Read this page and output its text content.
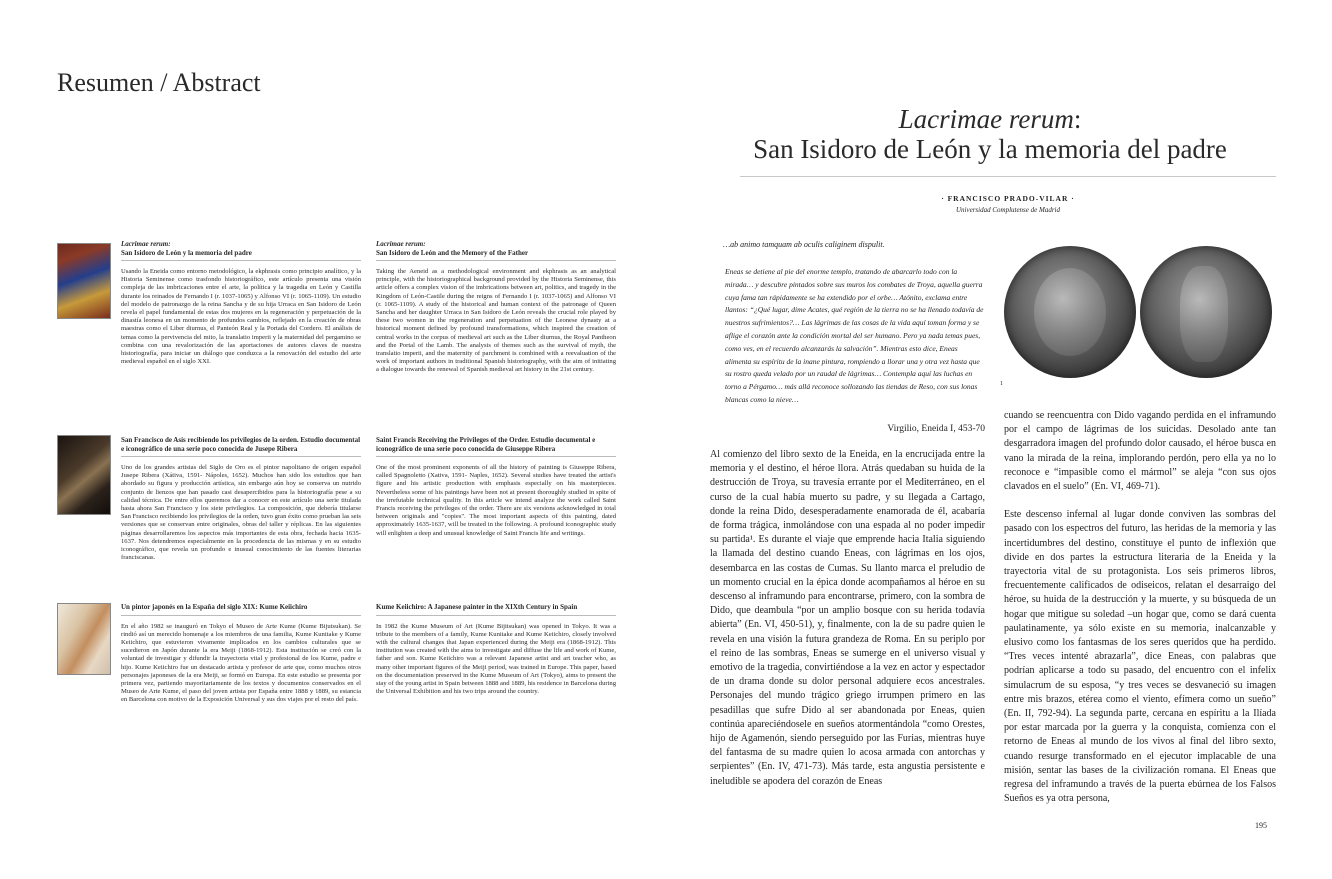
Resumen / Abstract
Lacrimae rerum:
San Isidoro de León y la memoria del padre
Usando la Eneida como entorno metodológico, la ekphrasis como principio analítico, y la Historia Seminense como trasfondo historiográfico, este artículo presenta una visión compleja de las imbricaciones entre el arte, la política y la tragedia en León y Castilla durante los reinados de Fernando I (r. 1037-1065) y Alfonso VI (r. 1065-1109). Un estudio del modelo de patronazgo de la reina Sancha y de su hija Urraca en San Isidoro de León revela el papel fundamental de estas dos mujeres en la regeneración y perpetuación de la dinastía leonesa en un momento de profundos cambios, reflejado en la creación de obras maestras como el Liber diurnus, el Panteón Real y la Portada del Cordero. El análisis de temas como la pervivencia del mito, la translatio imperii y la maternidad del pergamino se combina con una revalorización de las aportaciones de autores claves de nuestra historiografía, para iniciar un diálogo que conduzca a la renovación del estudio del arte medieval español en el siglo XXI.
Lacrimae rerum:
San Isidoro de León and the Memory of the Father
Taking the Aeneid as a methodological environment and ekphrasis as an analytical principle, with the historiographical background provided by the Historia Seminense, this article offers a complex vision of the imbrications between art, politics, and tragedy in the Kingdom of León-Castile during the reigns of Fernando I (r. 1037-1065) and Alfonso VI (r. 1065-1109). A study of the historical and human context of the patronage of Queen Sancha and her daughter Urraca in San Isidoro de León reveals the crucial role played by these two women in the regeneration and perpetuation of the Leonese dynasty at a historical moment defined by profound transformations, which inspired the creation of central works in the corpus of medieval art such as the Liber diurnus, the Royal Pantheon and the Portal of the Lamb. The analysis of themes such as the survival of myth, the translatio imperii, and the maternity of parchment is combined with a reevaluation of the work of important authors in traditional Spanish historiography, with the aim of initiating a dialogue towards the renewal of Spanish medieval art history in the 21st century.
San Francisco de Asís recibiendo los privilegios de la orden. Estudio documental e iconográfico de una serie poco conocida de Jusepe Ribera
Uno de los grandes artistas del Siglo de Oro es el pintor napolitano de origen español Jusepe Ribera (Xátiva, 1591- Nápoles, 1652). Muchos han sido los estudios que han abordado su figura y producción artística, sin embargo aún hoy se conserva un nutrido conjunto de lienzos que han pasado casi desapercibidos para la historiografía pese a su calidad técnica. De entre ellos queremos dar a conocer en este artículo una serie titulada hasta ahora San Francisco y los siete privilegios. La composición, que debería titularse San Francisco recibiendo los privilegios de la orden, tuvo gran éxito como prueban las seis versiones que se conservan entre originales, obras del taller y réplicas. En las siguientes páginas desarrollaremos los aspectos más importantes de esta obra, fechada hacia 1635-1637. Nos detendremos especialmente en la procedencia de las mismas y en su estudio iconográfico, que revela un profundo e inusual conocimiento de las fuentes literarias franciscanas.
Saint Francis Receiving the Privileges of the Order. Estudio documental e iconográfico de una serie poco conocida de Giuseppe Ribera
One of the most prominent exponents of all the history of painting is Giuseppe Ribera, called Spagnoletto (Xativa, 1591- Naples, 1652). Several studies have treated the artist's figure and his artistic production with emphasis especially on his masterpieces. Nevertheless some of his paintings have been not at present thoroughly studied in spite of the irrefutable technical quality. In this article we intend analyze the work called Saint Francis receiving the privileges of the order. There are six versions acknowledged in total between originals and "copies". The most important aspects of this painting, dated approximately 1635-1637, will be treated in the following. A profound iconographic study will enlighten a deep and unusual knowledge of Saint Francis life and writings.
Un pintor japonés en la España del siglo XIX: Kume Keiichiro
En el año 1982 se inauguró en Tokyo el Museo de Arte Kume (Kume Bijutsukan). Se rindió así un merecido homenaje a los miembros de una familia, Kume Kunitake y Kume Keiichiro, que estuvieron vivamente implicados en los cambios culturales que se sucedieron en Japón durante la era Meiji (1868-1912). Esta institución se creó con la voluntad de investigar y difundir la trayectoria vital y profesional de los Kume, padre e hijo. Kume Keiichiro fue un destacado artista y profesor de arte que, como muchos otros personajes japoneses de la era Meiji, se formó en Europa. En este estudio se presenta por primera vez, partiendo mayoritariamente de los textos y documentos conservados en el Museo de Arte Kume, el paso del joven artista por España entre 1888 y 1889, su estancia en Barcelona con motivo de la Exposición Universal y sus dos viajes por el resto del país.
Kume Keiichiro: A Japanese painter in the XIXth Century in Spain
In 1982 the Kume Museum of Art (Kume Bijitsukan) was opened in Tokyo. It was a tribute to the members of a family, Kume Kunitake and Kume Keiichiro, closely involved with the cultural changes that Japan experienced during the Meiji era (1868-1912). This institution was created with the aims to investigate and diffuse the life and work of Kume, father and son. Kume Keiichiro was a relevant Japanese artist and art teacher who, as many other important figures of the Meiji period, was trained in Europe. This paper, based on the documentation preserved in the Kume Museum of Art (Tokyo), aims to present the stay of the young artist in Spain between 1888 and 1889, his residence in Barcelona during the Universal Exhibition and his two trips around the country.
Lacrimae rerum:
San Isidoro de León y la memoria del padre
· FRANCISCO PRADO-VILAR ·
Universidad Complutense de Madrid
…ab animo tamquam ab oculis caliginem dispulit.
Eneas se detiene al pie del enorme templo, tratando de abarcarlo todo con la mirada… y descubre pintados sobre sus muros los combates de Troya, aquella guerra cuya fama tan rápidamente se ha extendido por el orbe… Atónito, exclama entre llantos: “¿Qué lugar, dime Acates, qué región de la tierra no se ha llenado todavía de nuestros sufrimientos?… Las lágrimas de las cosas de la vida aquí toman forma y se aflige el corazón ante la condición mortal del ser humano. Pero ya nada temas pues, como ves, en el recuerdo alcanzarás la salvación”. Mientras esto dice, Eneas alimenta su espíritu de la inane pintura, rompiendo a llorar una y otra vez hasta que su rostro queda velado por un raudal de lágrimas… Contempla aquí las luchas en torno a Pérgamo… más allá reconoce sollozando las tiendas de Reso, con sus lonas blancas como la nieve…
Virgilio, Eneida I, 453-70
1
Al comienzo del libro sexto de la Eneida, en la encrucijada entre la memoria y el destino, el héroe llora. Atrás quedaban su huida de la destrucción de Troya, su travesía errante por el Mediterráneo, en el curso de la cual había muerto su padre, y su llegada a Cartago, donde la reina Dido, desesperadamente enamorada de él, acabaría de forma trágica, inmolándose con una espada al no poder impedir su partida¹. Es durante el viaje que emprende hacia Italia siguiendo la llamada del destino cuando Eneas, con lágrimas en los ojos, desembarca en las costas de Cumas. Su llanto marca el preludio de un momento crucial en la épica donde acompañamos al héroe en su descenso al inframundo para encontrarse, primero, con la sombra de Dido, que deambula “por un amplio bosque con su herida todavía abierta” (En. VI, 450-51), y, finalmente, con la de su padre quien le revela en una visión la futura grandeza de Roma. En su periplo por el reino de las sombras, Eneas se sumerge en el universo visual y emotivo de la tragedia, convirtiéndose a la vez en actor y espectador de un drama donde su dolor personal adquiere ecos ancestrales. Personajes del mundo trágico griego irrumpen primero en las pesadillas que sufre Dido al ser abandonada por Eneas, quien continúa apareciéndosele en sueños atormentándola “como Orestes, hijo de Agamenón, siendo perseguido por las Furias, mientras huye del fantasma de su madre quien lo acosa armada con antorchas y serpientes” (En. IV, 471-73). Más tarde, esta angustia persistente e ineludible se apodera del corazón de Eneas

cuando se reencuentra con Dido vagando perdida en el inframundo por el campo de lágrimas de los suicidas. Desolado ante tan desgarradora imagen del profundo dolor causado, el héroe busca en vano la mirada de la reina, implorando perdón, pero ella ya no lo reconoce e “impasible como el mármol” se aleja “con sus ojos clavados en el suelo” (En. VI, 469-71).

Este descenso infernal al lugar donde conviven las sombras del pasado con los espectros del futuro, las heridas de la memoria y las incertidumbres del destino, constituye el punto de inflexión que divide en dos partes la estructura literaria de la Eneida y la trayectoria vital de su protagonista. Los seis primeros libros, frecuentemente calificados de odiseicos, relatan el desarraigo del héroe, su huida de la destrucción y la muerte, y su búsqueda de un hogar que mitigue su soledad –un hogar que, como se dará cuenta paulatinamente, ya sólo existe en su memoria, inalcanzable y elusivo como los fantasmas de los seres queridos que ha perdido. “Tres veces intenté abrazarla”, dice Eneas, con palabras que podrían aplicarse a todo su pasado, del encuentro con el infelix simulacrum de su esposa, “y tres veces se desvaneció su imagen entre mis brazos, etérea como el viento, efímera como un sueño” (En. II, 792-94). La segunda parte, cercana en espíritu a la Ilíada por estar marcada por la guerra y la conquista, comienza con el retorno de Eneas al mundo de los vivos al final del libro sexto, cuando resurge transformado en el ejecutor implacable de una misión, sentar las bases de la civilización romana. El Eneas que regresa del inframundo a través de la puerta ebúrnea de los Falsos Sueños es ya otra persona,

195
